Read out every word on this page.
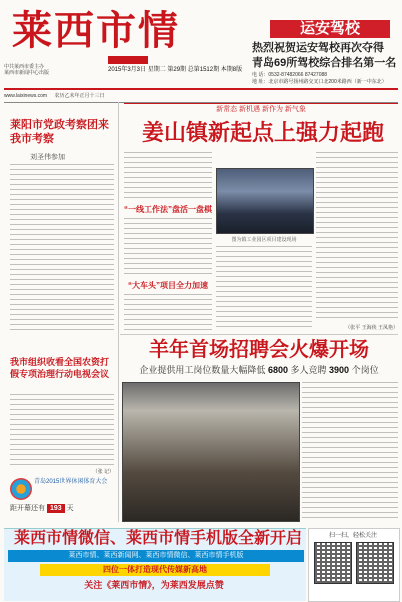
莱西市情
中共莱西市委主办
莱西市新闻中心出版	2015年3月3日 星期二 第29期 总第1512期 本期8版
运安驾校
热烈祝贺运安驾校再次夺得
青岛69所驾校综合排名第一名
电 话：0532-87482066 87427088
地 址：北京市路号扬州路交叉口北200米路西（新一中东北）
www.laixinews.com 农历乙未年正月十三日
新常态 新机遇 新作为 新气象
莱阳市党政考察团来我市考察
刘圣伟参加
姜山镇新起点上强力起跑
“一线工作法”盘活一盘棋
“大车头”项目全力加速
图为镇工业园区项目建设现场
（张平 王海侠 王凤艳）
我市组织收看全国农资打假专项治理行动电视会议
（张 记）
青岛2015世界休闲体育大会
距开幕还有 193 天
羊年首场招聘会火爆开场
企业提供用工岗位数量大幅降低 6800 多人竞聘 3900 个岗位
莱西市情微信、莱西市情手机版全新开启
莱西市情、莱西新闻网、莱西市情微信、莱西市情手机版
四位一体打造现代传媒新高地
关注《莱西市情》，为莱西发展点赞
扫一扫，轻松关注
